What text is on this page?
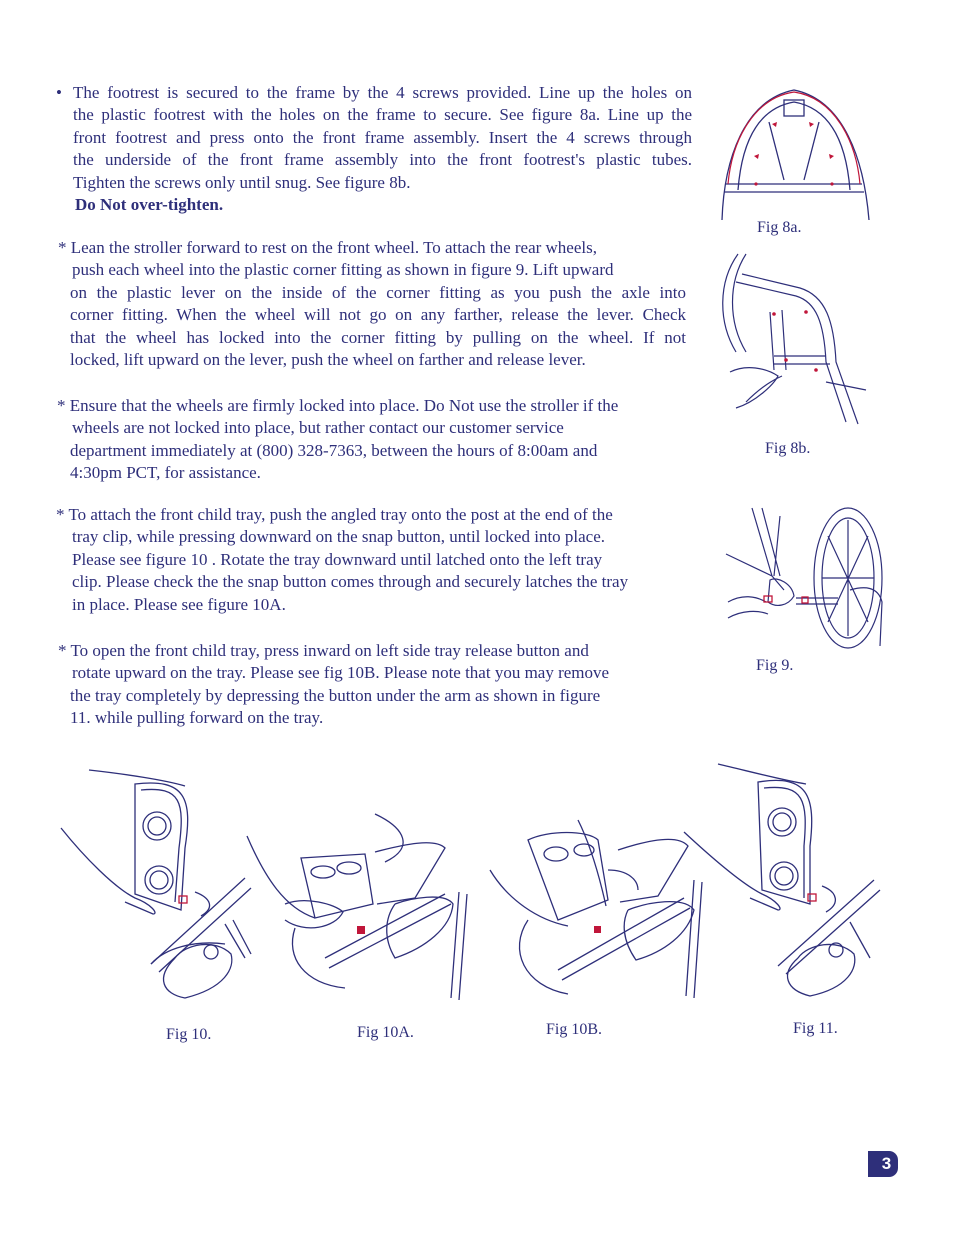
• The footrest is secured to the frame by the 4 screws provided. Line up the holes on
the plastic footrest with the holes on the frame to secure. See figure 8a. Line up the
front footrest and press onto the front frame assembly. Insert the 4 screws through
the underside of the front frame assembly into the front footrest's plastic tubes.
Tighten the screws only until snug. See figure 8b.
Do Not over-tighten.
* Lean the stroller forward to rest on the front wheel. To attach the rear wheels,
push each wheel into the plastic corner fitting as shown in figure 9. Lift upward
on the plastic lever on the inside of the corner fitting as you push the axle into
corner fitting. When the wheel will not go on any farther, release the lever. Check
that the wheel has locked into the corner fitting by pulling on the wheel. If not
locked, lift upward on the lever, push the wheel on farther and release lever.
* Ensure that the wheels are firmly locked into place. Do Not use the stroller if the
wheels are not locked into place, but rather contact our customer service
department immediately at (800) 328-7363, between the hours of 8:00am and
4:30pm PCT, for assistance.
* To attach the front child tray, push the angled tray onto the post at the end of the
tray clip, while pressing downward on the snap button, until locked into place.
Please see figure 10 . Rotate the tray downward until latched onto the left tray
clip. Please check the the snap button comes through and securely latches the tray
in place. Please see figure 10A.
* To open the front child tray, press inward on left side tray release button and
rotate upward on the tray. Please see fig 10B. Please note that you may remove
the tray completely by depressing the button under the arm as shown in figure
11. while pulling forward on the tray.
Fig 8a.
Fig 8b.
Fig 9.
Fig 10.	Fig 10A.	Fig 10B.	Fig 11.
3
